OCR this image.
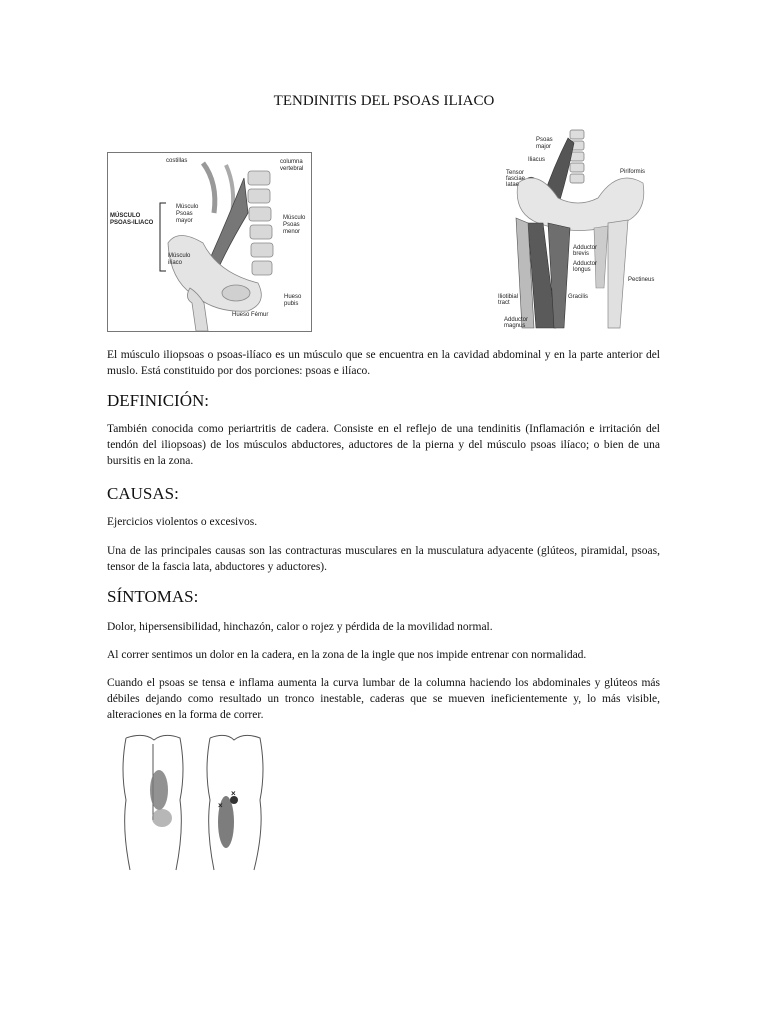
TENDINITIS DEL PSOAS ILIACO
costillas	columna
vertebral
MÚSCULO
PSOAS-ILIACO
Músculo
Psoas
mayor	Músculo
Psoas
menor
Músculo
ilíaco
Hueso
pubis
Hueso Fémur
Psoas
major
Iliacus
Tensor
fasciae
latae
Piriformis
Adductor
brevis
Adductor
longus
Pectineus
Gracilis
Iliotibial
tract
Adductor
magnus
El músculo iliopsoas o psoas-ilíaco es un músculo que se encuentra en la cavidad abdominal y en la parte anterior del muslo. Está constituido por dos porciones: psoas e ilíaco.
DEFINICIÓN:
También conocida como periartritis de cadera. Consiste en el reflejo de una tendinitis (Inflamación e irritación del tendón del iliopsoas) de los músculos abductores, aductores de la pierna y del músculo psoas ilíaco; o bien de una bursitis en la zona.
CAUSAS:
Ejercicios violentos o excesivos.
Una de las principales causas son las contracturas musculares en la musculatura adyacente (glúteos, piramidal, psoas, tensor de la fascia lata, abductores y aductores).
SÍNTOMAS:
Dolor, hipersensibilidad, hinchazón, calor o rojez y pérdida de la movilidad normal.
Al correr sentimos un dolor en la cadera, en la zona de la ingle que nos impide entrenar con normalidad.
Cuando el psoas se tensa e inflama aumenta la curva lumbar de la columna haciendo los abdominales y glúteos más débiles dejando como resultado un tronco inestable, caderas que se mueven ineficientemente y, lo más visible, alteraciones en la forma de correr.
×
×
